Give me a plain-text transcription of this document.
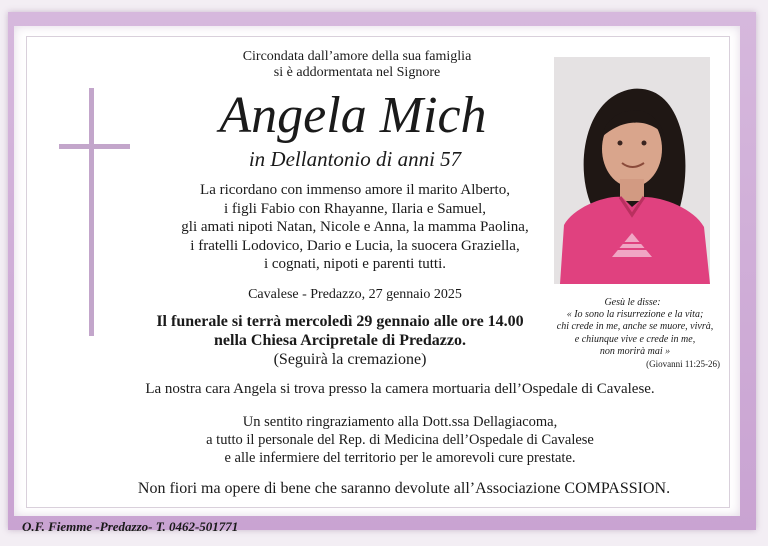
Circondata dall’amore della sua famiglia
si è addormentata nel Signore
Angela Mich
in Dellantonio di anni 57
La ricordano con immenso amore il marito Alberto,
i figli Fabio con Rhayanne, Ilaria e Samuel,
gli amati nipoti Natan, Nicole e Anna, la mamma Paolina,
i fratelli Lodovico, Dario e Lucia, la suocera Graziella,
i cognati, nipoti e parenti tutti.
Cavalese - Predazzo, 27 gennaio 2025
Il funerale si terrà mercoledì 29 gennaio alle ore 14.00
nella Chiesa Arcipretale di Predazzo.
(Seguirà la cremazione)
La nostra cara Angela si trova presso la camera mortuaria dell’Ospedale di Cavalese.
Un sentito ringraziamento alla Dott.ssa Dellagiacoma,
a tutto il personale del Rep. di Medicina dell’Ospedale di Cavalese
e alle infermiere del territorio per le amorevoli cure prestate.
Non fiori ma opere di bene che saranno devolute all’Associazione COMPASSION.
Gesù le disse:
« Io sono la risurrezione e la vita;
chi crede in me, anche se muore, vivrà,
e chiunque vive e crede in me,
non morirà mai »
(Giovanni 11:25-26)
O.F. Fiemme -Predazzo- T. 0462-501771
